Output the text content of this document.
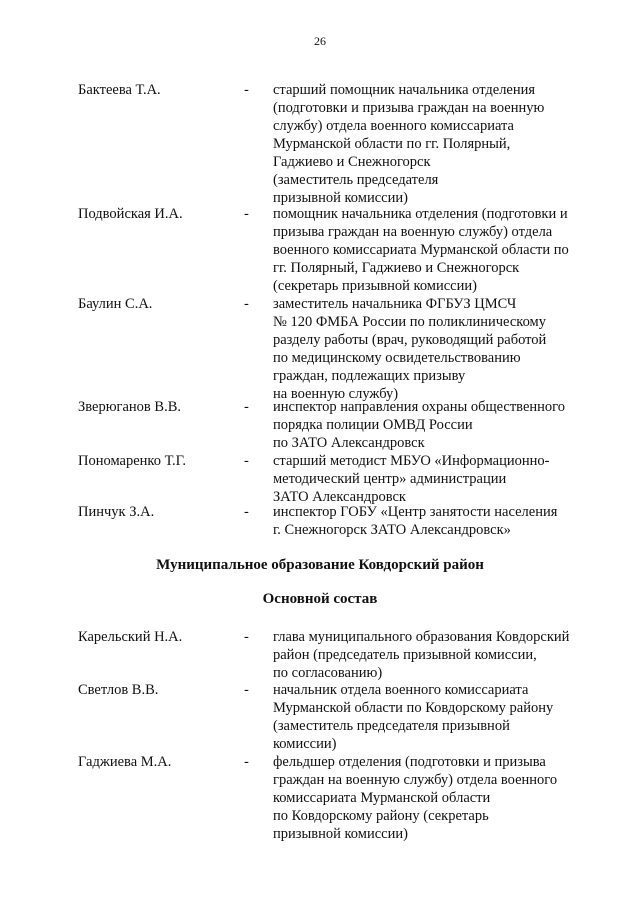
26
Бактеева Т.А.	- старший помощник начальника отделения
(подготовки и призыва граждан на военную
службу) отдела военного комиссариата
Мурманской области по гг. Полярный,
Гаджиево и Снежногорск
(заместитель председателя
призывной комиссии)
Подвойская И.А.	- помощник начальника отделения (подготовки и
призыва граждан на военную службу) отдела
военного комиссариата Мурманской области по
гг. Полярный, Гаджиево и Снежногорск
(секретарь призывной комиссии)
Баулин С.А.	- заместитель начальника ФГБУЗ ЦМСЧ
№ 120 ФМБА России по поликлиническому
разделу работы (врач, руководящий работой
по медицинскому освидетельствованию
граждан, подлежащих призыву
на военную службу)
Зверюганов В.В.	- инспектор направления охраны общественного
порядка полиции ОМВД России
по ЗАТО Александровск
Пономаренко Т.Г.	- старший методист МБУО «Информационно-
методический центр» администрации
ЗАТО Александровск
Пинчук З.А.	- инспектор ГОБУ «Центр занятости населения
г. Снежногорск ЗАТО Александровск»
Муниципальное образование Ковдорский район
Основной состав
Карельский Н.А.	- глава муниципального образования Ковдорский
район (председатель призывной комиссии,
по согласованию)
Светлов В.В.	- начальник отдела военного комиссариата
Мурманской области по Ковдорскому району
(заместитель председателя призывной
комиссии)
Гаджиева М.А.	- фельдшер отделения (подготовки и призыва
граждан на военную службу) отдела военного
комиссариата Мурманской области
по Ковдорскому району (секретарь
призывной комиссии)
